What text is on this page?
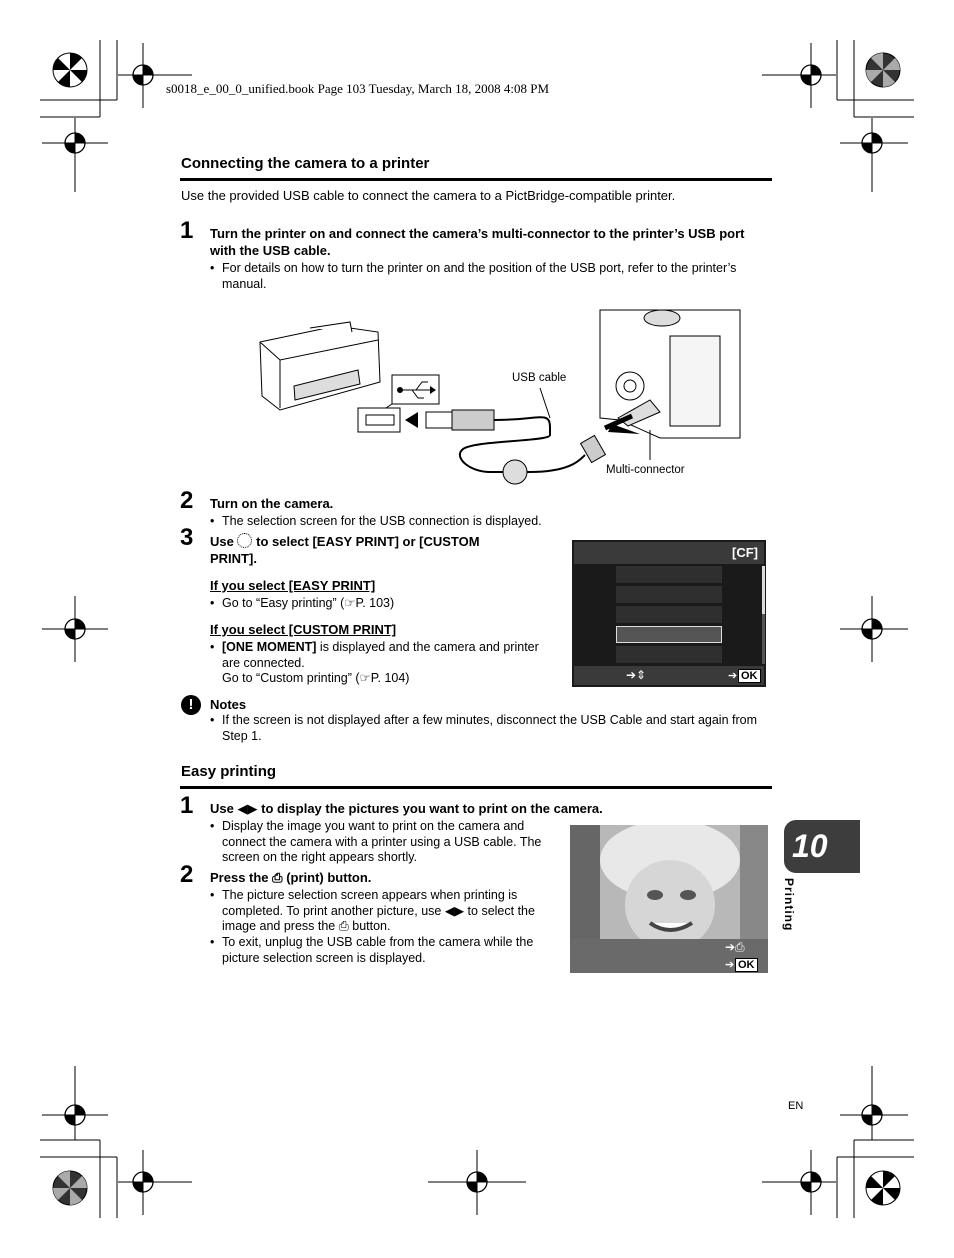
s0018_e_00_0_unified.book Page 103 Tuesday, March 18, 2008 4:08 PM
Connecting the camera to a printer
Use the provided USB cable to connect the camera to a PictBridge-compatible printer.
1 Turn the printer on and connect the camera’s multi-connector to the printer’s USB port with the USB cable.
• For details on how to turn the printer on and the position of the USB port, refer to the printer’s manual.
USB cable
Multi-connector
2 Turn on the camera.
• The selection screen for the USB connection is displayed.
3 Use to select [EASY PRINT] or [CUSTOM PRINT].
If you select [EASY PRINT]
• Go to “Easy printing” (☞P. 103)
If you select [CUSTOM PRINT]
• [ONE MOMENT] is displayed and the camera and printer are connected.
Go to “Custom printing” (☞P. 104)
[CF]
➔⇕	➔ OK
!	Notes
• If the screen is not displayed after a few minutes, disconnect the USB Cable and start again from Step 1.
Easy printing
1 Use ◀▶ to display the pictures you want to print on the camera.
• Display the image you want to print on the camera and connect the camera with a printer using a USB cable. The screen on the right appears shortly.
2 Press the ⎙ (print) button.
• The picture selection screen appears when printing is completed. To print another picture, use ◀▶ to select the image and press the ⎙ button.
• To exit, unplug the USB cable from the camera while the picture selection screen is displayed.
➔⎙
➔ OK
10
Printing
EN
